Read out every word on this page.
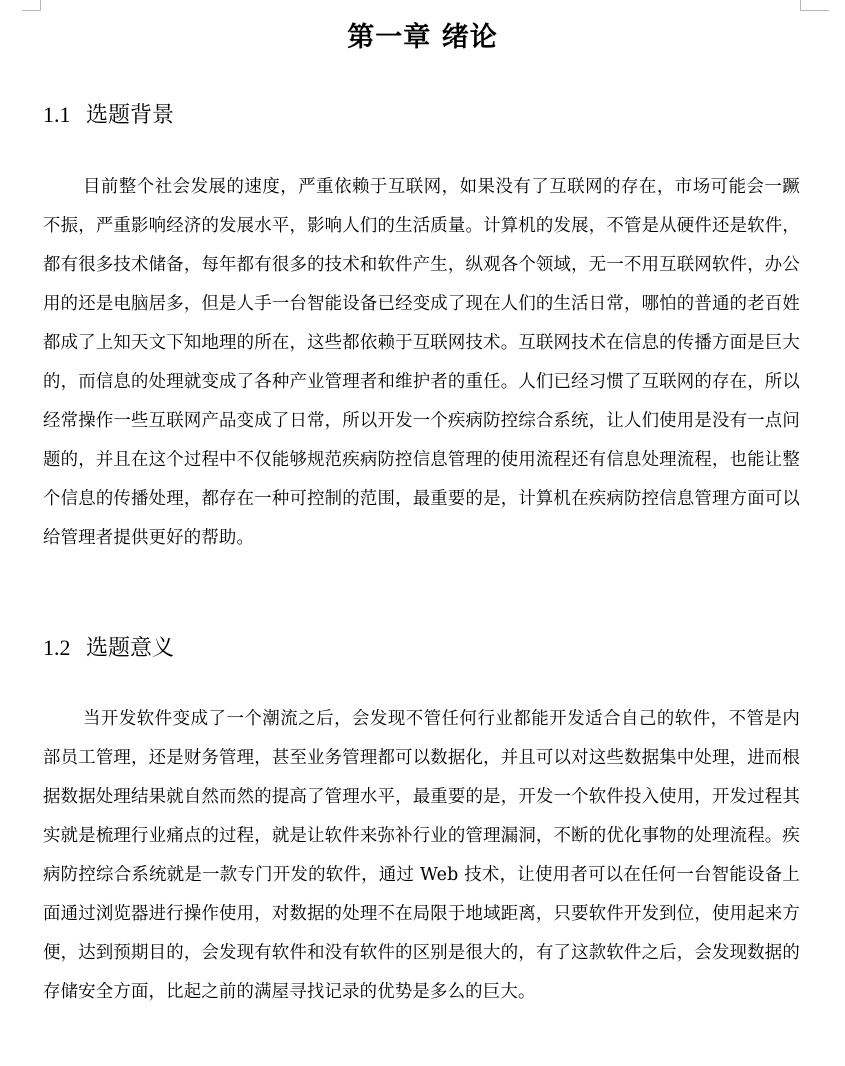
第一章 绪论
1.1 选题背景

目前整个社会发展的速度，严重依赖于互联网，如果没有了互联网的存在，市场可能会一蹶不振，严重影响经济的发展水平，影响人们的生活质量。计算机的发展，不管是从硬件还是软件，都有很多技术储备，每年都有很多的技术和软件产生，纵观各个领域，无一不用互联网软件，办公用的还是电脑居多，但是人手一台智能设备已经变成了现在人们的生活日常，哪怕的普通的老百姓都成了上知天文下知地理的所在，这些都依赖于互联网技术。互联网技术在信息的传播方面是巨大的，而信息的处理就变成了各种产业管理者和维护者的重任。人们已经习惯了互联网的存在，所以经常操作一些互联网产品变成了日常，所以开发一个疾病防控综合系统，让人们使用是没有一点问题的，并且在这个过程中不仅能够规范疾病防控信息管理的使用流程还有信息处理流程，也能让整个信息的传播处理，都存在一种可控制的范围，最重要的是，计算机在疾病防控信息管理方面可以给管理者提供更好的帮助。

1.2 选题意义

当开发软件变成了一个潮流之后，会发现不管任何行业都能开发适合自己的软件，不管是内部员工管理，还是财务管理，甚至业务管理都可以数据化，并且可以对这些数据集中处理，进而根据数据处理结果就自然而然的提高了管理水平，最重要的是，开发一个软件投入使用，开发过程其实就是梳理行业痛点的过程，就是让软件来弥补行业的管理漏洞，不断的优化事物的处理流程。疾病防控综合系统就是一款专门开发的软件，通过 Web 技术，让使用者可以在任何一台智能设备上面通过浏览器进行操作使用，对数据的处理不在局限于地域距离，只要软件开发到位，使用起来方便，达到预期目的，会发现有软件和没有软件的区别是很大的，有了这款软件之后，会发现数据的存储安全方面，比起之前的满屋寻找记录的优势是多么的巨大。
